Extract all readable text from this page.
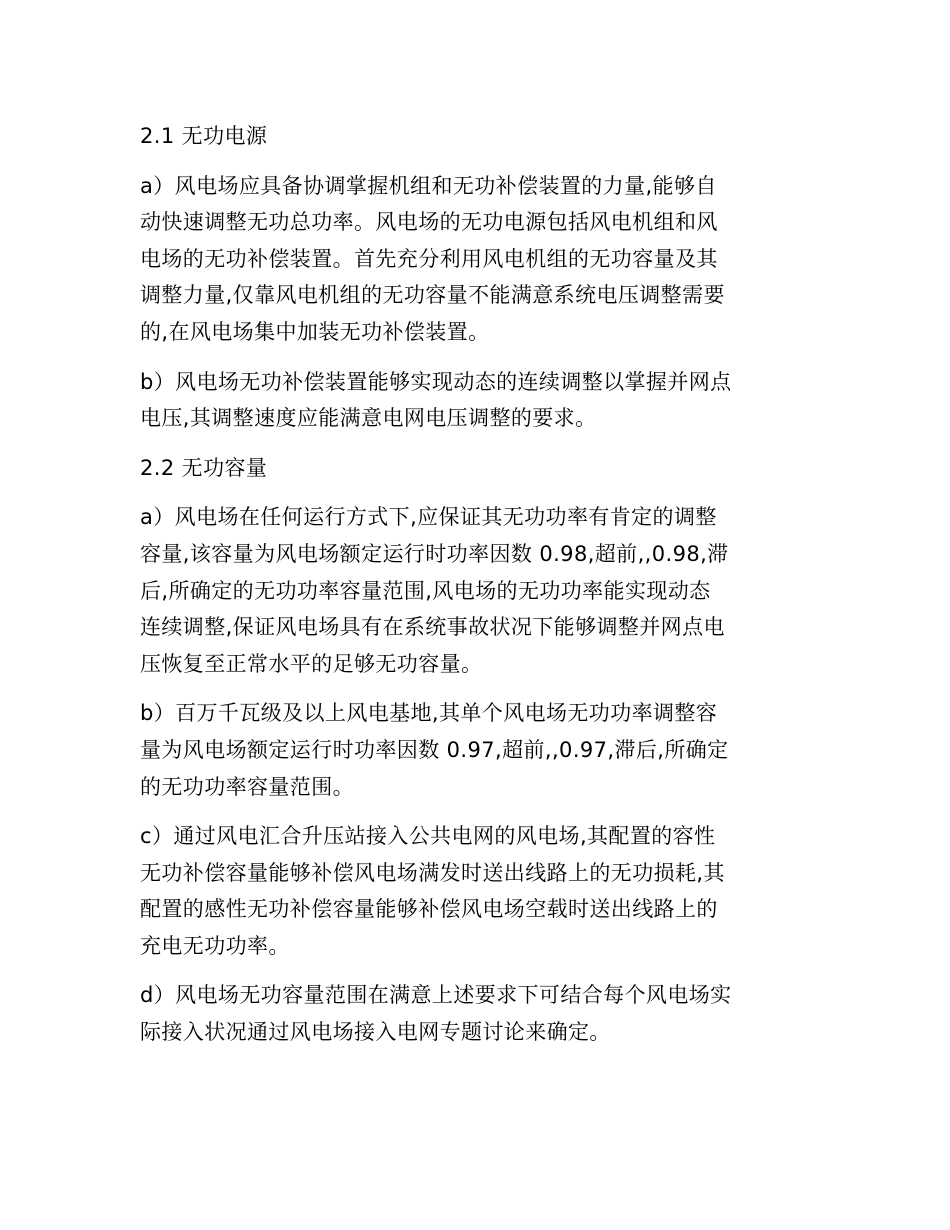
2.1 无功电源
a）风电场应具备协调掌握机组和无功补偿装置的力量,能够自
动快速调整无功总功率。风电场的无功电源包括风电机组和风
电场的无功补偿装置。首先充分利用风电机组的无功容量及其
调整力量,仅靠风电机组的无功容量不能满意系统电压调整需要
的,在风电场集中加装无功补偿装置。
b）风电场无功补偿装置能够实现动态的连续调整以掌握并网点
电压,其调整速度应能满意电网电压调整的要求。
2.2 无功容量
a）风电场在任何运行方式下,应保证其无功功率有肯定的调整
容量,该容量为风电场额定运行时功率因数 0.98,超前,,0.98,滞
后,所确定的无功功率容量范围,风电场的无功功率能实现动态
连续调整,保证风电场具有在系统事故状况下能够调整并网点电
压恢复至正常水平的足够无功容量。
b）百万千瓦级及以上风电基地,其单个风电场无功功率调整容
量为风电场额定运行时功率因数 0.97,超前,,0.97,滞后,所确定
的无功功率容量范围。
c）通过风电汇合升压站接入公共电网的风电场,其配置的容性
无功补偿容量能够补偿风电场满发时送出线路上的无功损耗,其
配置的感性无功补偿容量能够补偿风电场空载时送出线路上的
充电无功功率。
d）风电场无功容量范围在满意上述要求下可结合每个风电场实
际接入状况通过风电场接入电网专题讨论来确定。
